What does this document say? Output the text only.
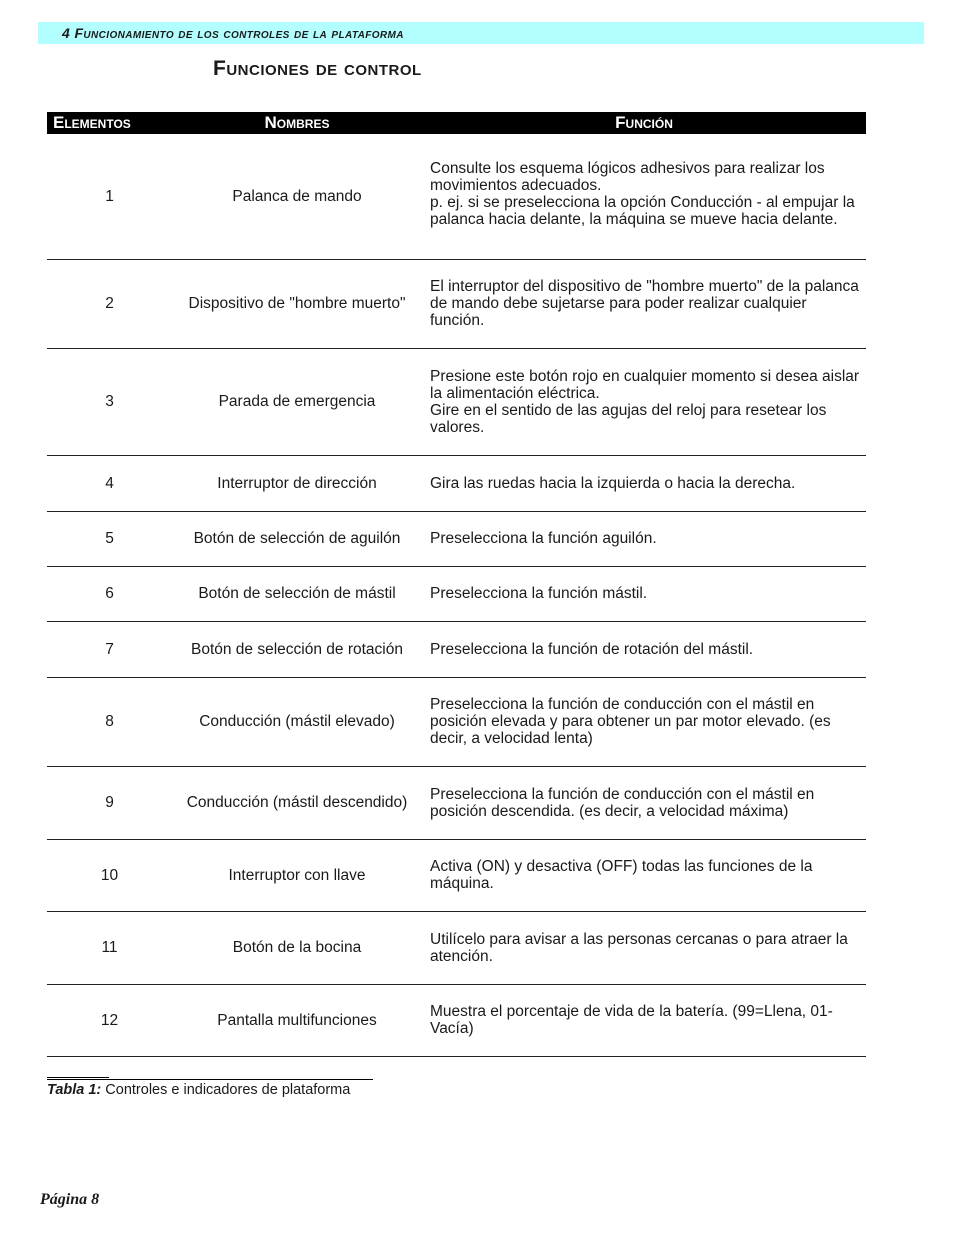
4 Funcionamiento de los controles de la plataforma
Funciones de control
Elementos	Nombres	Función
1	Palanca de mando	Consulte los esquema lógicos adhesivos para realizar los movimientos adecuados.
p. ej. si se preselecciona la opción Conducción - al empujar la palanca hacia delante, la máquina se mueve hacia delante.
2	Dispositivo de "hombre muerto"	El interruptor del dispositivo de "hombre muerto" de la palanca de mando debe sujetarse para poder realizar cualquier función.
3	Parada de emergencia	Presione este botón rojo en cualquier momento si desea aislar la alimentación eléctrica.
Gire en el sentido de las agujas del reloj para resetear los valores.
4	Interruptor de dirección	Gira las ruedas hacia la izquierda o hacia la derecha.
5	Botón de selección de aguilón	Preselecciona la función aguilón.
6	Botón de selección de mástil	Preselecciona la función mástil.
7	Botón de selección de rotación	Preselecciona la función de rotación del mástil.
8	Conducción (mástil elevado)	Preselecciona la función de conducción con el mástil en posición elevada y para obtener un par motor elevado. (es decir, a velocidad lenta)
9	Conducción (mástil descendido)	Preselecciona la función de conducción con el mástil en posición descendida. (es decir, a velocidad máxima)
10	Interruptor con llave	Activa (ON) y desactiva (OFF) todas las funciones de la máquina.
11	Botón de la bocina	Utilícelo para avisar a las personas cercanas o para atraer la atención.
12	Pantalla multifunciones	Muestra el porcentaje de vida de la batería. (99=Llena, 01-Vacía)
Tabla 1: Controles e indicadores de plataforma
Página 8
